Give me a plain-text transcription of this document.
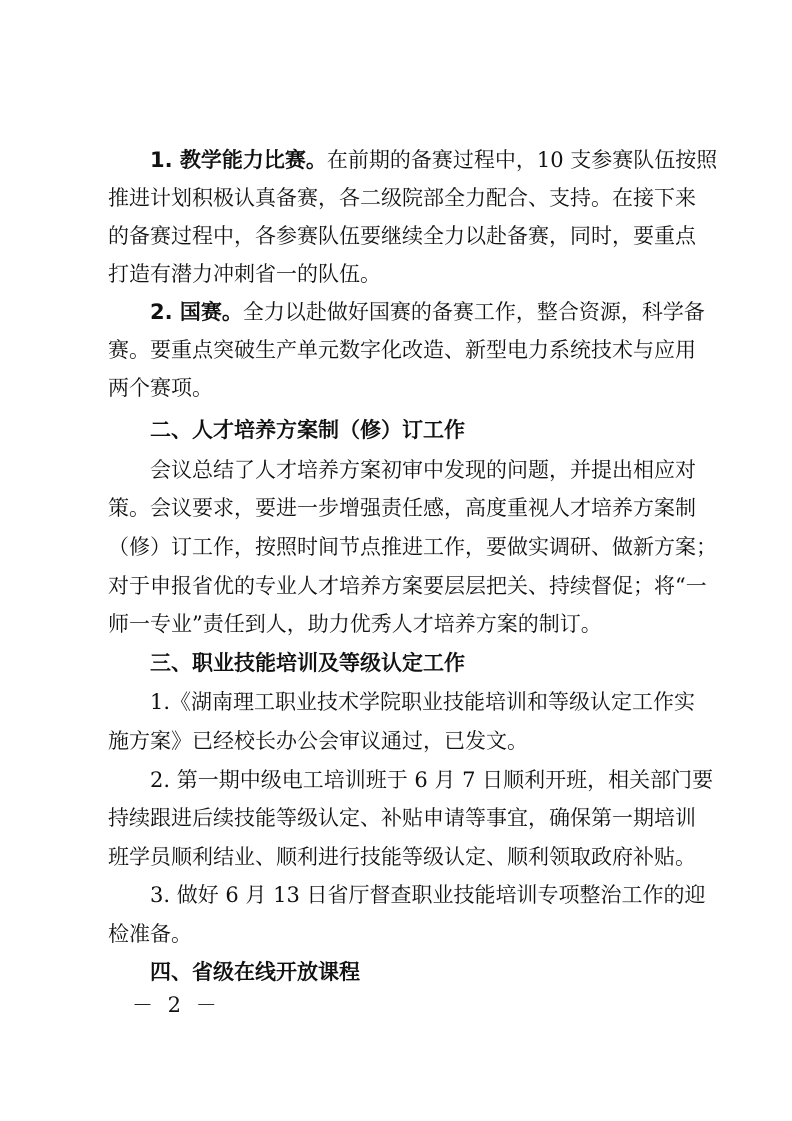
1. 教学能力比赛。在前期的备赛过程中，10 支参赛队伍按照
推进计划积极认真备赛，各二级院部全力配合、支持。在接下来
的备赛过程中，各参赛队伍要继续全力以赴备赛，同时，要重点
打造有潜力冲刺省一的队伍。
2. 国赛。全力以赴做好国赛的备赛工作，整合资源，科学备
赛。要重点突破生产单元数字化改造、新型电力系统技术与应用
两个赛项。
二、人才培养方案制（修）订工作
会议总结了人才培养方案初审中发现的问题，并提出相应对
策。会议要求，要进一步增强责任感，高度重视人才培养方案制
（修）订工作，按照时间节点推进工作，要做实调研、做新方案；
对于申报省优的专业人才培养方案要层层把关、持续督促；将“一
师一专业”责任到人，助力优秀人才培养方案的制订。
三、职业技能培训及等级认定工作
1.《湖南理工职业技术学院职业技能培训和等级认定工作实
施方案》已经校长办公会审议通过，已发文。
2. 第一期中级电工培训班于 6 月 7 日顺利开班，相关部门要
持续跟进后续技能等级认定、补贴申请等事宜，确保第一期培训
班学员顺利结业、顺利进行技能等级认定、顺利领取政府补贴。
3. 做好 6 月 13 日省厅督查职业技能培训专项整治工作的迎
检准备。
四、省级在线开放课程
－ 2 －
